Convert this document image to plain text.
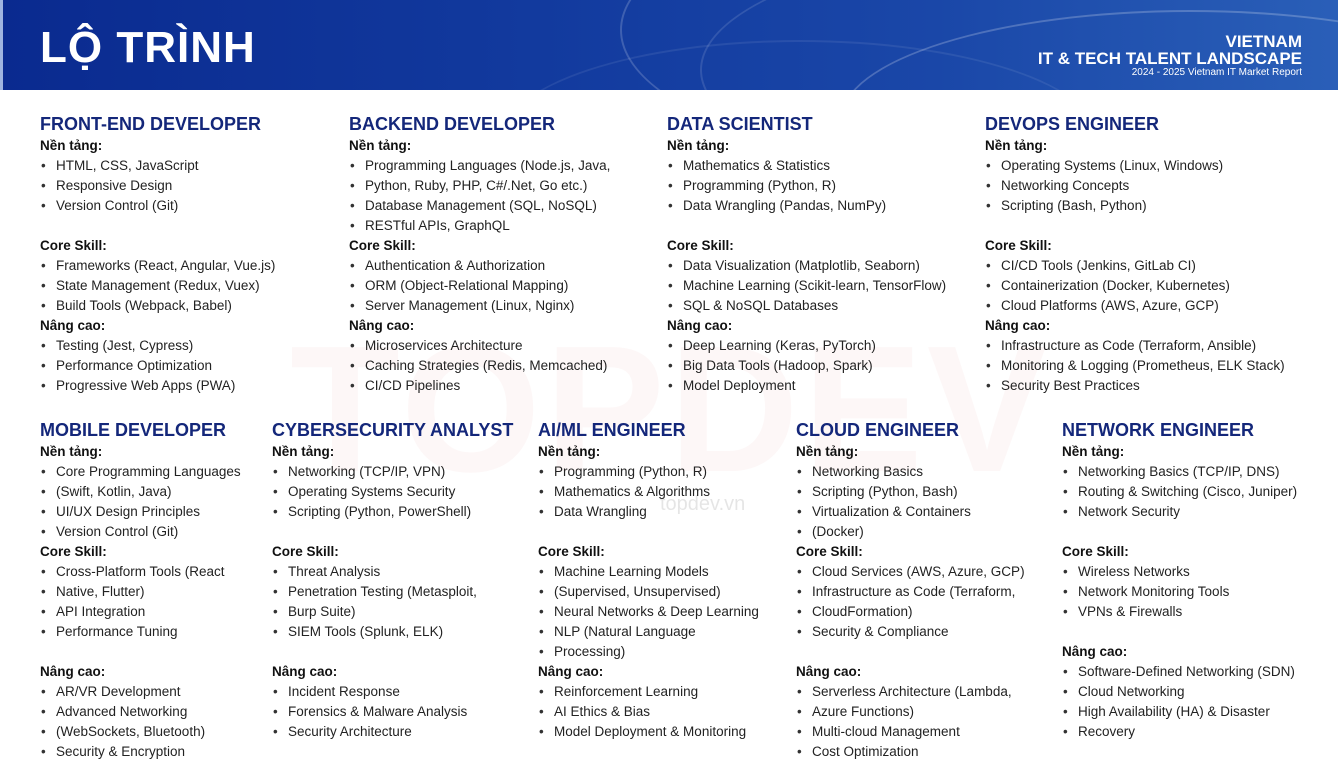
LỘ TRÌNH	VIETNAM
IT & TECH TALENT LANDSCAPE
2024 - 2025 Vietnam IT Market Report
topdev.vn
FRONT-END DEVELOPER
Nền tảng:
• HTML, CSS, JavaScript
• Responsive Design
• Version Control (Git)
Core Skill:
• Frameworks (React, Angular, Vue.js)
• State Management (Redux, Vuex)
• Build Tools (Webpack, Babel)
Nâng cao:
• Testing (Jest, Cypress)
• Performance Optimization
• Progressive Web Apps (PWA)
BACKEND DEVELOPER
Nền tảng:
• Programming Languages (Node.js, Java,
• Python, Ruby, PHP, C#/.Net, Go etc.)
• Database Management (SQL, NoSQL)
• RESTful APIs, GraphQL
Core Skill:
• Authentication & Authorization
• ORM (Object-Relational Mapping)
• Server Management (Linux, Nginx)
Nâng cao:
• Microservices Architecture
• Caching Strategies (Redis, Memcached)
• CI/CD Pipelines
DATA SCIENTIST
Nền tảng:
• Mathematics & Statistics
• Programming (Python, R)
• Data Wrangling (Pandas, NumPy)
Core Skill:
• Data Visualization (Matplotlib, Seaborn)
• Machine Learning (Scikit-learn, TensorFlow)
• SQL & NoSQL Databases
Nâng cao:
• Deep Learning (Keras, PyTorch)
• Big Data Tools (Hadoop, Spark)
• Model Deployment
DEVOPS ENGINEER
Nền tảng:
• Operating Systems (Linux, Windows)
• Networking Concepts
• Scripting (Bash, Python)
Core Skill:
• CI/CD Tools (Jenkins, GitLab CI)
• Containerization (Docker, Kubernetes)
• Cloud Platforms (AWS, Azure, GCP)
Nâng cao:
• Infrastructure as Code (Terraform, Ansible)
• Monitoring & Logging (Prometheus, ELK Stack)
• Security Best Practices
MOBILE DEVELOPER
Nền tảng:
• Core Programming Languages
• (Swift, Kotlin, Java)
• UI/UX Design Principles
• Version Control (Git)
Core Skill:
• Cross-Platform Tools (React
• Native, Flutter)
• API Integration
• Performance Tuning
Nâng cao:
• AR/VR Development
• Advanced Networking
• (WebSockets, Bluetooth)
• Security & Encryption
CYBERSECURITY ANALYST
Nền tảng:
• Networking (TCP/IP, VPN)
• Operating Systems Security
• Scripting (Python, PowerShell)
Core Skill:
• Threat Analysis
• Penetration Testing (Metasploit,
• Burp Suite)
• SIEM Tools (Splunk, ELK)
Nâng cao:
• Incident Response
• Forensics & Malware Analysis
• Security Architecture
AI/ML ENGINEER
Nền tảng:
• Programming (Python, R)
• Mathematics & Algorithms
• Data Wrangling
Core Skill:
• Machine Learning Models
• (Supervised, Unsupervised)
• Neural Networks & Deep Learning
• NLP (Natural Language
• Processing)
Nâng cao:
• Reinforcement Learning
• AI Ethics & Bias
• Model Deployment & Monitoring
CLOUD ENGINEER
Nền tảng:
• Networking Basics
• Scripting (Python, Bash)
• Virtualization & Containers
• (Docker)
Core Skill:
• Cloud Services (AWS, Azure, GCP)
• Infrastructure as Code (Terraform,
• CloudFormation)
• Security & Compliance
Nâng cao:
• Serverless Architecture (Lambda,
• Azure Functions)
• Multi-cloud Management
• Cost Optimization
NETWORK ENGINEER
Nền tảng:
• Networking Basics (TCP/IP, DNS)
• Routing & Switching (Cisco, Juniper)
• Network Security
Core Skill:
• Wireless Networks
• Network Monitoring Tools
• VPNs & Firewalls
Nâng cao:
• Software-Defined Networking (SDN)
• Cloud Networking
• High Availability (HA) & Disaster
• Recovery
